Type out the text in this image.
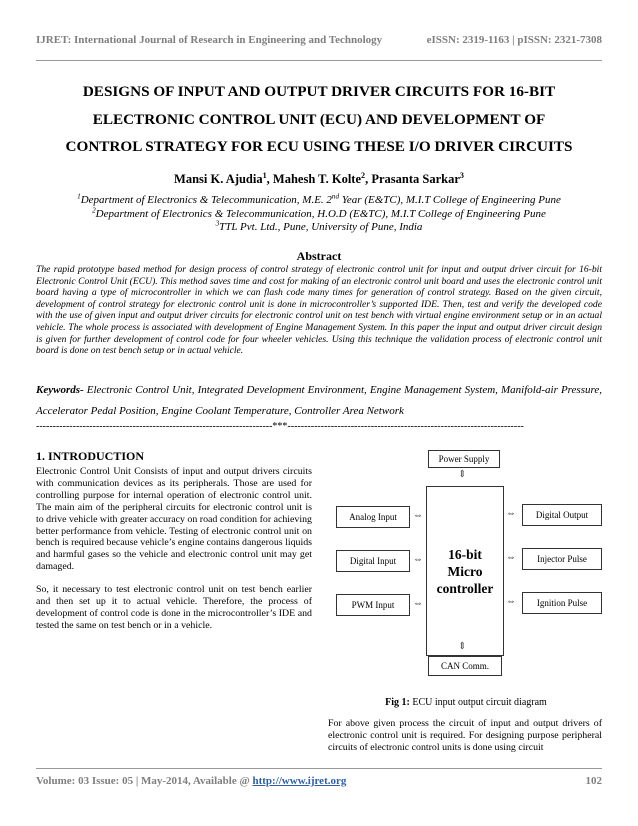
IJRET: International Journal of Research in Engineering and Technology	eISSN: 2319-1163 | pISSN: 2321-7308
DESIGNS OF INPUT AND OUTPUT DRIVER CIRCUITS FOR 16-BIT
ELECTRONIC CONTROL UNIT (ECU) AND DEVELOPMENT OF
CONTROL STRATEGY FOR ECU USING THESE I/O DRIVER CIRCUITS
Mansi K. Ajudia$^1$, Mahesh T. Kolte$^2$, Prasanta Sarkar$^3$
$^1$Department of Electronics & Telecommunication, M.E. 2nd Year (E&TC), M.I.T College of Engineering Pune
$^2$Department of Electronics & Telecommunication, H.O.D (E&TC), M.I.T College of Engineering Pune
$^3$TTL Pvt. Ltd., Pune, University of Pune, India
Abstract
The rapid prototype based method for design process of control strategy of electronic control unit for input and output driver circuit for 16-bit Electronic Control Unit (ECU). This method saves time and cost for making of an electronic control unit board and uses the electronic control unit board having a type of microcontroller in which we can flash code many times for generation of control strategy. Based on the given circuit, development of control strategy for electronic control unit is done in microcontroller’s supported IDE. Then, test and verify the developed code with the use of given input and output driver circuits for electronic control unit on test bench with virtual engine environment setup or in an actual vehicle. The whole process is associated with development of Engine Management System. In this paper the input and output driver circuit design is given for further development of control code for four wheeler vehicles. Using this technique the validation process of electronic control unit board is done on test bench setup or in actual vehicle.
Keywords- Electronic Control Unit, Integrated Development Environment, Engine Management System, Manifold-air Pressure, Accelerator Pedal Position, Engine Coolant Temperature, Controller Area Network
-----------------------------------------------------------------------***-----------------------------------------------------------------------
1. INTRODUCTION

Electronic Control Unit Consists of input and output drivers circuits with communication devices as its peripherals. Those are used for controlling purpose for internal operation of electronic control unit. The main aim of the peripheral circuits for electronic control unit is to drive vehicle with greater accuracy on road condition for achieving better performance from vehicle. Testing of electronic control unit on bench is required because vehicle’s engine contains dangerous liquids and harmful gases so the vehicle and electronic control unit may get damaged.

So, it necessary to test electronic control unit on test bench earlier and then set up it to actual vehicle. Therefore, the process of development of control code is done in the microcontroller’s IDE and tested the same on test bench or in a vehicle.

Power Supply
⇕
16-bit
Micro
controller
Analog Input	⇔
Digital Input	⇔
PWM Input	⇔
Digital Output
⇔
Injector Pulse
⇔
Ignition Pulse
⇔
⇕
CAN Comm.
Fig 1: ECU input output circuit diagram
For above given process the circuit of input and output drivers of electronic control unit is required. For designing purpose peripheral circuits of electronic control units is done using circuit
Volume: 03 Issue: 05 | May-2014, Available @ http://www.ijret.org	102
